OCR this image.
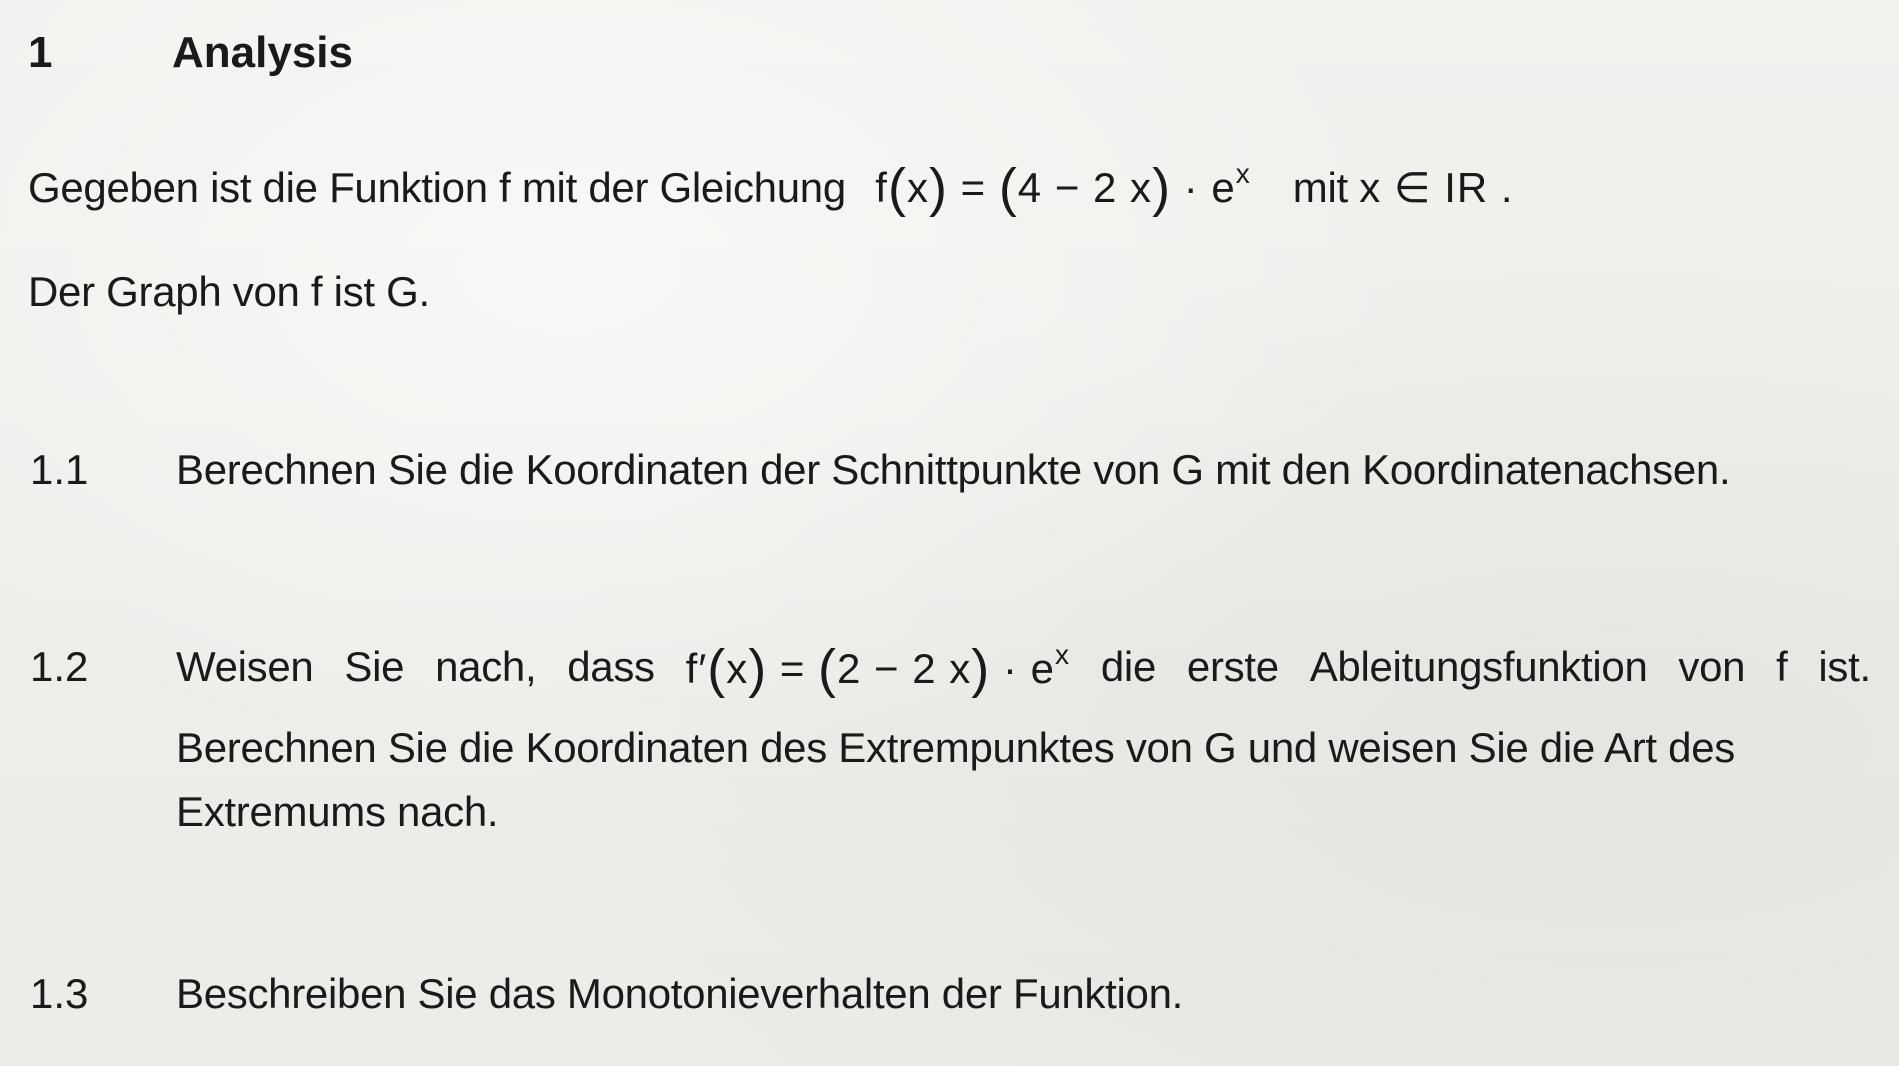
1	Analysis
Gegeben ist die Funktion f mit der Gleichung f(x) = (4 − 2 $x) \cdot e^x$ mit x ∈ IR .
Der Graph von f ist G.
1.1 Berechnen Sie die Koordinaten der Schnittpunkte von G mit den Koordinatenachsen.
1.2 Weisen Sie nach, dass f′(x) = (2 − 2 $x) \cdot e^x$ die erste Ableitungsfunktion von f ist.
Berechnen Sie die Koordinaten des Extrempunktes von G und weisen Sie die Art des
Extremums nach.
1.3 Beschreiben Sie das Monotonieverhalten der Funktion.
